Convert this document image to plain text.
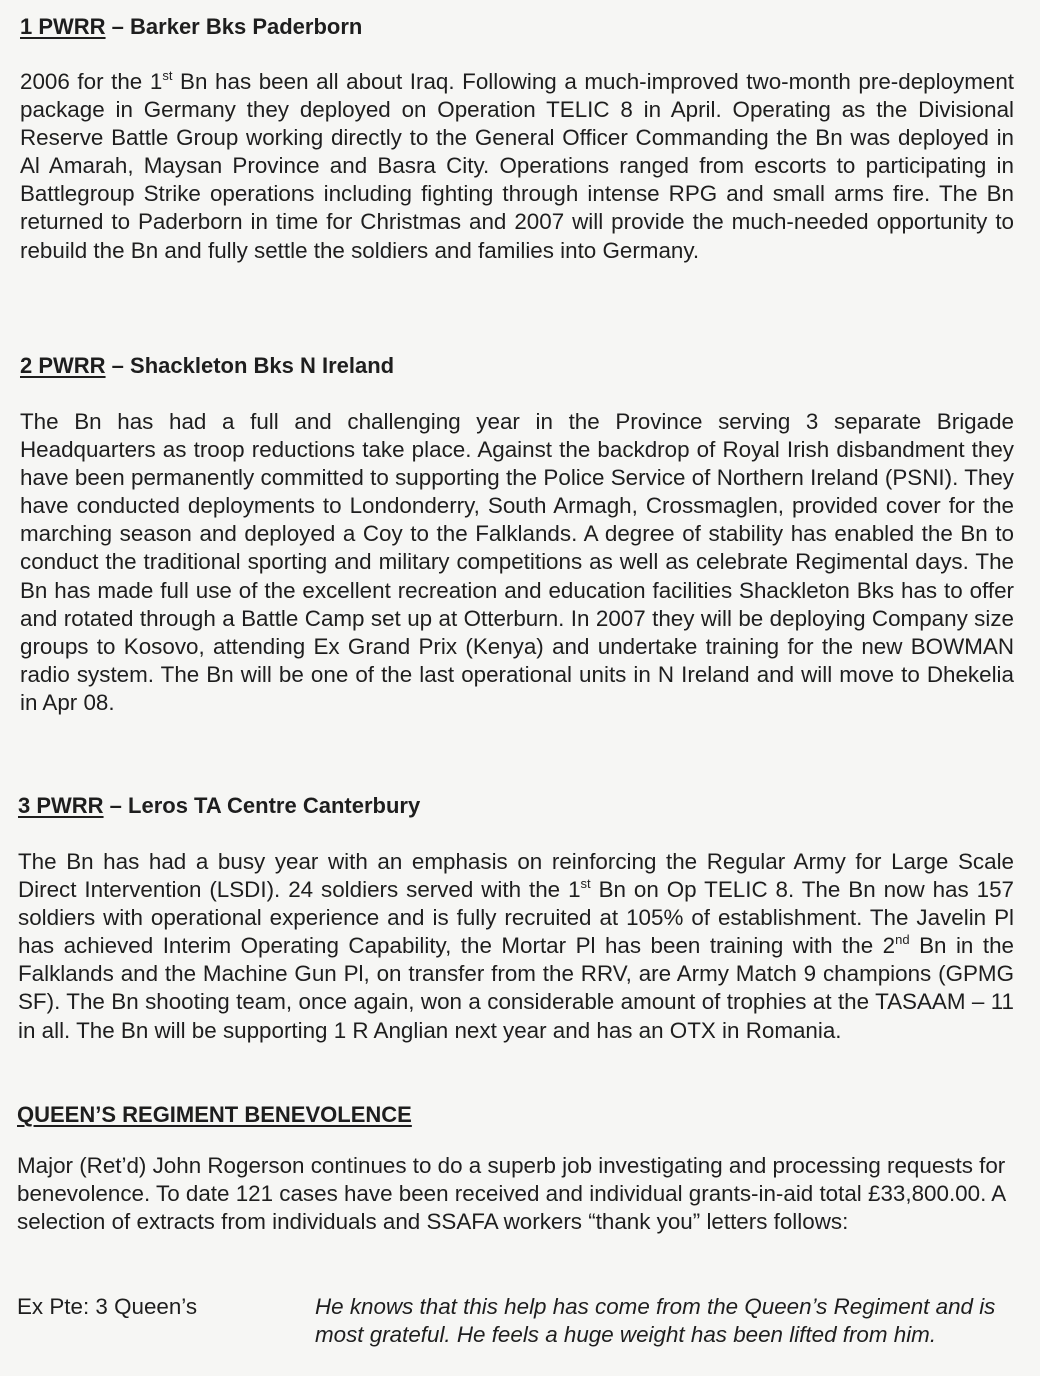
1 PWRR – Barker Bks Paderborn

2006 for the 1st Bn has been all about Iraq. Following a much-improved two-month pre-deployment package in Germany they deployed on Operation TELIC 8 in April. Operating as the Divisional Reserve Battle Group working directly to the General Officer Commanding the Bn was deployed in Al Amarah, Maysan Province and Basra City. Operations ranged from escorts to participating in Battlegroup Strike operations including fighting through intense RPG and small arms fire. The Bn returned to Paderborn in time for Christmas and 2007 will provide the much-needed opportunity to rebuild the Bn and fully settle the soldiers and families into Germany.

2 PWRR – Shackleton Bks N Ireland

The Bn has had a full and challenging year in the Province serving 3 separate Brigade Headquarters as troop reductions take place. Against the backdrop of Royal Irish disbandment they have been permanently committed to supporting the Police Service of Northern Ireland (PSNI). They have conducted deployments to Londonderry, South Armagh, Crossmaglen, provided cover for the marching season and deployed a Coy to the Falklands. A degree of stability has enabled the Bn to conduct the traditional sporting and military competitions as well as celebrate Regimental days. The Bn has made full use of the excellent recreation and education facilities Shackleton Bks has to offer and rotated through a Battle Camp set up at Otterburn. In 2007 they will be deploying Company size groups to Kosovo, attending Ex Grand Prix (Kenya) and undertake training for the new BOWMAN radio system. The Bn will be one of the last operational units in N Ireland and will move to Dhekelia in Apr 08.

3 PWRR – Leros TA Centre Canterbury

The Bn has had a busy year with an emphasis on reinforcing the Regular Army for Large Scale Direct Intervention (LSDI). 24 soldiers served with the 1st Bn on Op TELIC 8. The Bn now has 157 soldiers with operational experience and is fully recruited at 105% of establishment. The Javelin Pl has achieved Interim Operating Capability, the Mortar Pl has been training with the 2nd Bn in the Falklands and the Machine Gun Pl, on transfer from the RRV, are Army Match 9 champions (GPMG SF). The Bn shooting team, once again, won a considerable amount of trophies at the TASAAM – 11 in all. The Bn will be supporting 1 R Anglian next year and has an OTX in Romania.

QUEEN’S REGIMENT BENEVOLENCE

Major (Ret’d) John Rogerson continues to do a superb job investigating and processing requests for benevolence. To date 121 cases have been received and individual grants-in-aid total £33,800.00. A selection of extracts from individuals and SSAFA workers “thank you” letters follows:

Ex Pte: 3 Queen’s	He knows that this help has come from the Queen’s Regiment and is most grateful. He feels a huge weight has been lifted from him.
